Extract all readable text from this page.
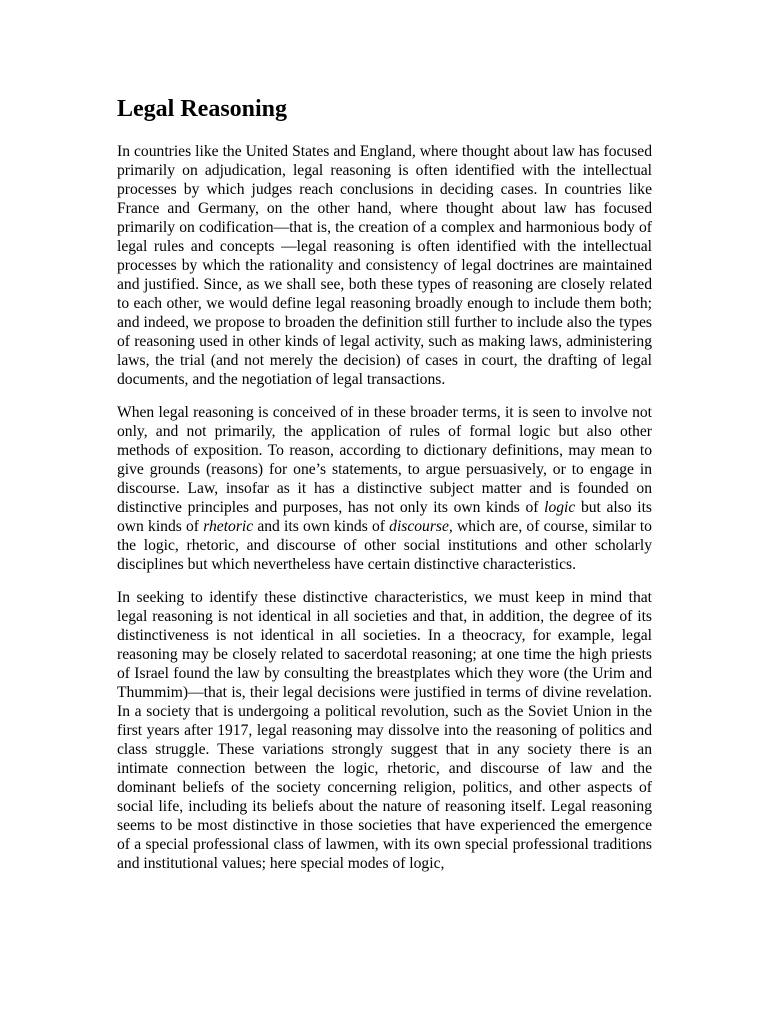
Legal Reasoning

In countries like the United States and England, where thought about law has focused primarily on adjudication, legal reasoning is often identified with the intellectual processes by which judges reach conclusions in deciding cases. In countries like France and Germany, on the other hand, where thought about law has focused primarily on codification—that is, the creation of a complex and harmonious body of legal rules and concepts —legal reasoning is often identified with the intellectual processes by which the rationality and consistency of legal doctrines are maintained and justified. Since, as we shall see, both these types of reasoning are closely related to each other, we would define legal reasoning broadly enough to include them both; and indeed, we propose to broaden the definition still further to include also the types of reasoning used in other kinds of legal activity, such as making laws, administering laws, the trial (and not merely the decision) of cases in court, the drafting of legal documents, and the negotiation of legal transactions.

When legal reasoning is conceived of in these broader terms, it is seen to involve not only, and not primarily, the application of rules of formal logic but also other methods of exposition. To reason, according to dictionary definitions, may mean to give grounds (reasons) for one’s statements, to argue persuasively, or to engage in discourse. Law, insofar as it has a distinctive subject matter and is founded on distinctive principles and purposes, has not only its own kinds of logic but also its own kinds of rhetoric and its own kinds of discourse, which are, of course, similar to the logic, rhetoric, and discourse of other social institutions and other scholarly disciplines but which nevertheless have certain distinctive characteristics.

In seeking to identify these distinctive characteristics, we must keep in mind that legal reasoning is not identical in all societies and that, in addition, the degree of its distinctiveness is not identical in all societies. In a theocracy, for example, legal reasoning may be closely related to sacerdotal reasoning; at one time the high priests of Israel found the law by consulting the breastplates which they wore (the Urim and Thummim)—that is, their legal decisions were justified in terms of divine revelation. In a society that is undergoing a political revolution, such as the Soviet Union in the first years after 1917, legal reasoning may dissolve into the reasoning of politics and class struggle. These variations strongly suggest that in any society there is an intimate connection between the logic, rhetoric, and discourse of law and the dominant beliefs of the society concerning religion, politics, and other aspects of social life, including its beliefs about the nature of reasoning itself. Legal reasoning seems to be most distinctive in those societies that have experienced the emergence of a special professional class of lawmen, with its own special professional traditions and institutional values; here special modes of logic,
